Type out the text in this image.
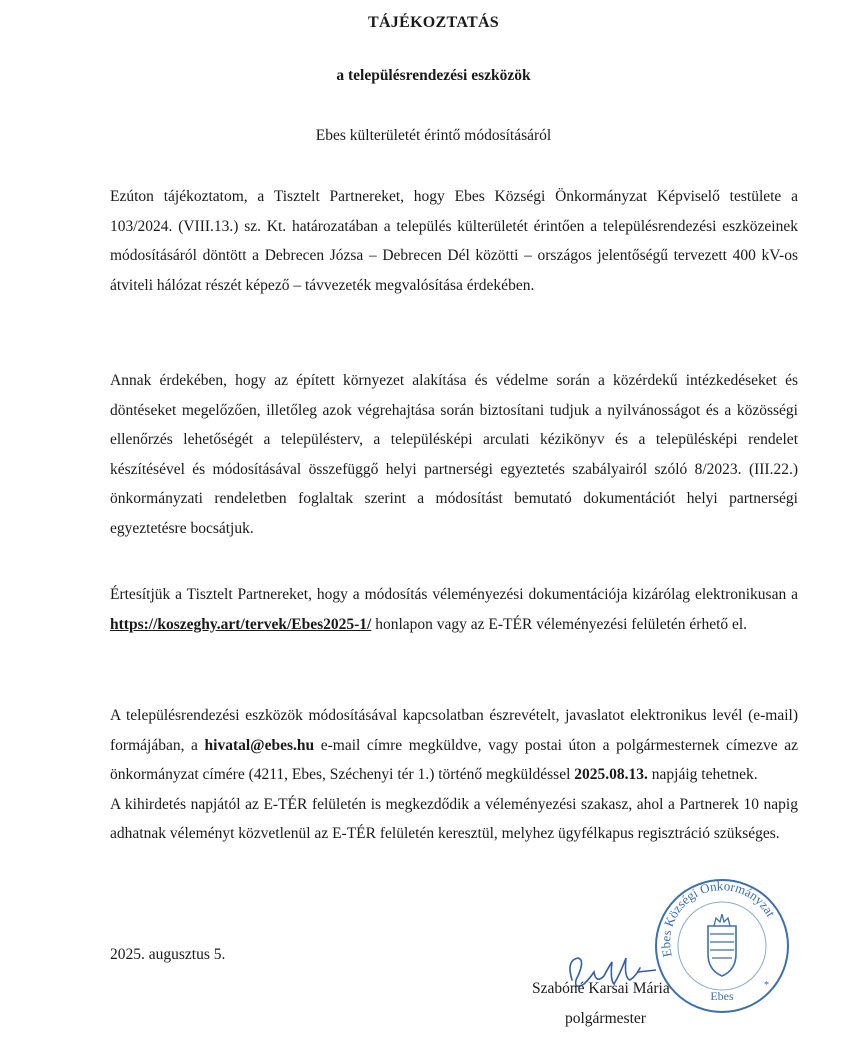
TÁJÉKOZTATÁS
a településrendezési eszközök
Ebes külterületét érintő módosításáról

Ezúton tájékoztatom, a Tisztelt Partnereket, hogy Ebes Községi Önkormányzat Képviselő testülete a 103/2024. (VIII.13.) sz. Kt. határozatában a település külterületét érintően a településrendezési eszközeinek módosításáról döntött a Debrecen Józsa – Debrecen Dél közötti – országos jelentőségű tervezett 400 kV-os átviteli hálózat részét képező – távvezeték megvalósítása érdekében.

Annak érdekében, hogy az épített környezet alakítása és védelme során a közérdekű intézkedéseket és döntéseket megelőzően, illetőleg azok végrehajtása során biztosítani tudjuk a nyilvánosságot és a közösségi ellenőrzés lehetőségét a településterv, a településképi arculati kézikönyv és a településképi rendelet készítésével és módosításával összefüggő helyi partnerségi egyeztetés szabályairól szóló 8/2023. (III.22.) önkormányzati rendeletben foglaltak szerint a módosítást bemutató dokumentációt helyi partnerségi egyeztetésre bocsátjuk.

Értesítjük a Tisztelt Partnereket, hogy a módosítás véleményezési dokumentációja kizárólag elektronikusan a https://koszeghy.art/tervek/Ebes2025-1/ honlapon vagy az E-TÉR véleményezési felületén érhető el.

A településrendezési eszközök módosításával kapcsolatban észrevételt, javaslatot elektronikus levél (e-mail) formájában, a hivatal@ebes.hu e-mail címre megküldve, vagy postai úton a polgármesternek címezve az önkormányzat címére (4211, Ebes, Széchenyi tér 1.) történő megküldéssel 2025.08.13. napjáig tehetnek.

A kihirdetés napjától az E-TÉR felületén is megkezdődik a véleményezési szakasz, ahol a Partnerek 10 napig adhatnak véleményt közvetlenül az E-TÉR felületén keresztül, melyhez ügyfélkapus regisztráció szükséges.

2025. augusztus 5.	Ebes Községi Önkormányzat
Ebes
*
Szabóné Karsai Mária
polgármester
